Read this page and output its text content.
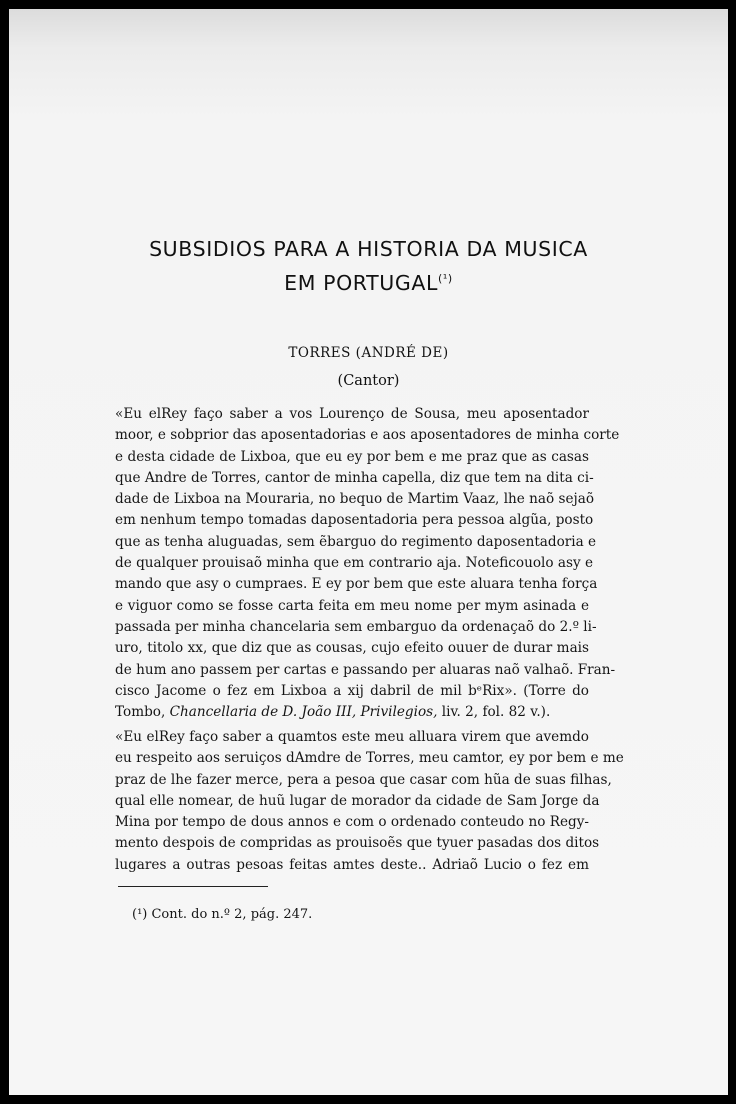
SUBSIDIOS PARA A HISTORIA DA MUSICA
EM $PORTUGAL^{(^1)}$
TORRES (ANDRÉ DE)
(Cantor)
«Eu elRey faço saber a vos Lourenço de Sousa, meu aposentador
moor, e sobprior das aposentadorias e aos aposentadores de minha corte
e desta cidade de Lixboa, que eu ey por bem e me praz que as casas
que Andre de Torres, cantor de minha capella, diz que tem na dita ci-
dade de Lixboa na Mouraria, no bequo de Martim Vaaz, lhe naõ sejaõ
em nenhum tempo tomadas daposentadoria pera pessoa algũa, posto
que as tenha aluguadas, sem ẽbarguo do regimento daposentadoria e
de qualquer prouisaõ minha que em contrario aja. Noteficouolo asy e
mando que asy o cumpraes. E ey por bem que este aluara tenha força
e viguor como se fosse carta feita em meu nome per mym asinada e
passada per minha chancelaria sem embarguo da ordenaçaõ do 2.º li-
uro, titolo xx, que diz que as cousas, cujo efeito ouuer de durar mais
de hum ano passem per cartas e passando per aluaras naõ valhaõ. Fran-
cisco Jacome o fez em Lixboa a xij dabril de mil bᵉRix». (Torre do
Tombo, Chancellaria de D. João III, Privilegios, liv. 2, fol. 82 v.).
«Eu elRey faço saber a quamtos este meu alluara virem que avemdo
eu respeito aos seruiços dAmdre de Torres, meu camtor, ey por bem e me
praz de lhe fazer merce, pera a pesoa que casar com hũa de suas filhas,
qual elle nomear, de huũ lugar de morador da cidade de Sam Jorge da
Mina por tempo de dous annos e com o ordenado conteudo no Regy-
mento despois de compridas as prouisoẽs que tyuer pasadas dos ditos
lugares a outras pesoas feitas amtes deste.. Adriaõ Lucio o fez em
(¹) Cont. do n.º 2, pág. 247.
